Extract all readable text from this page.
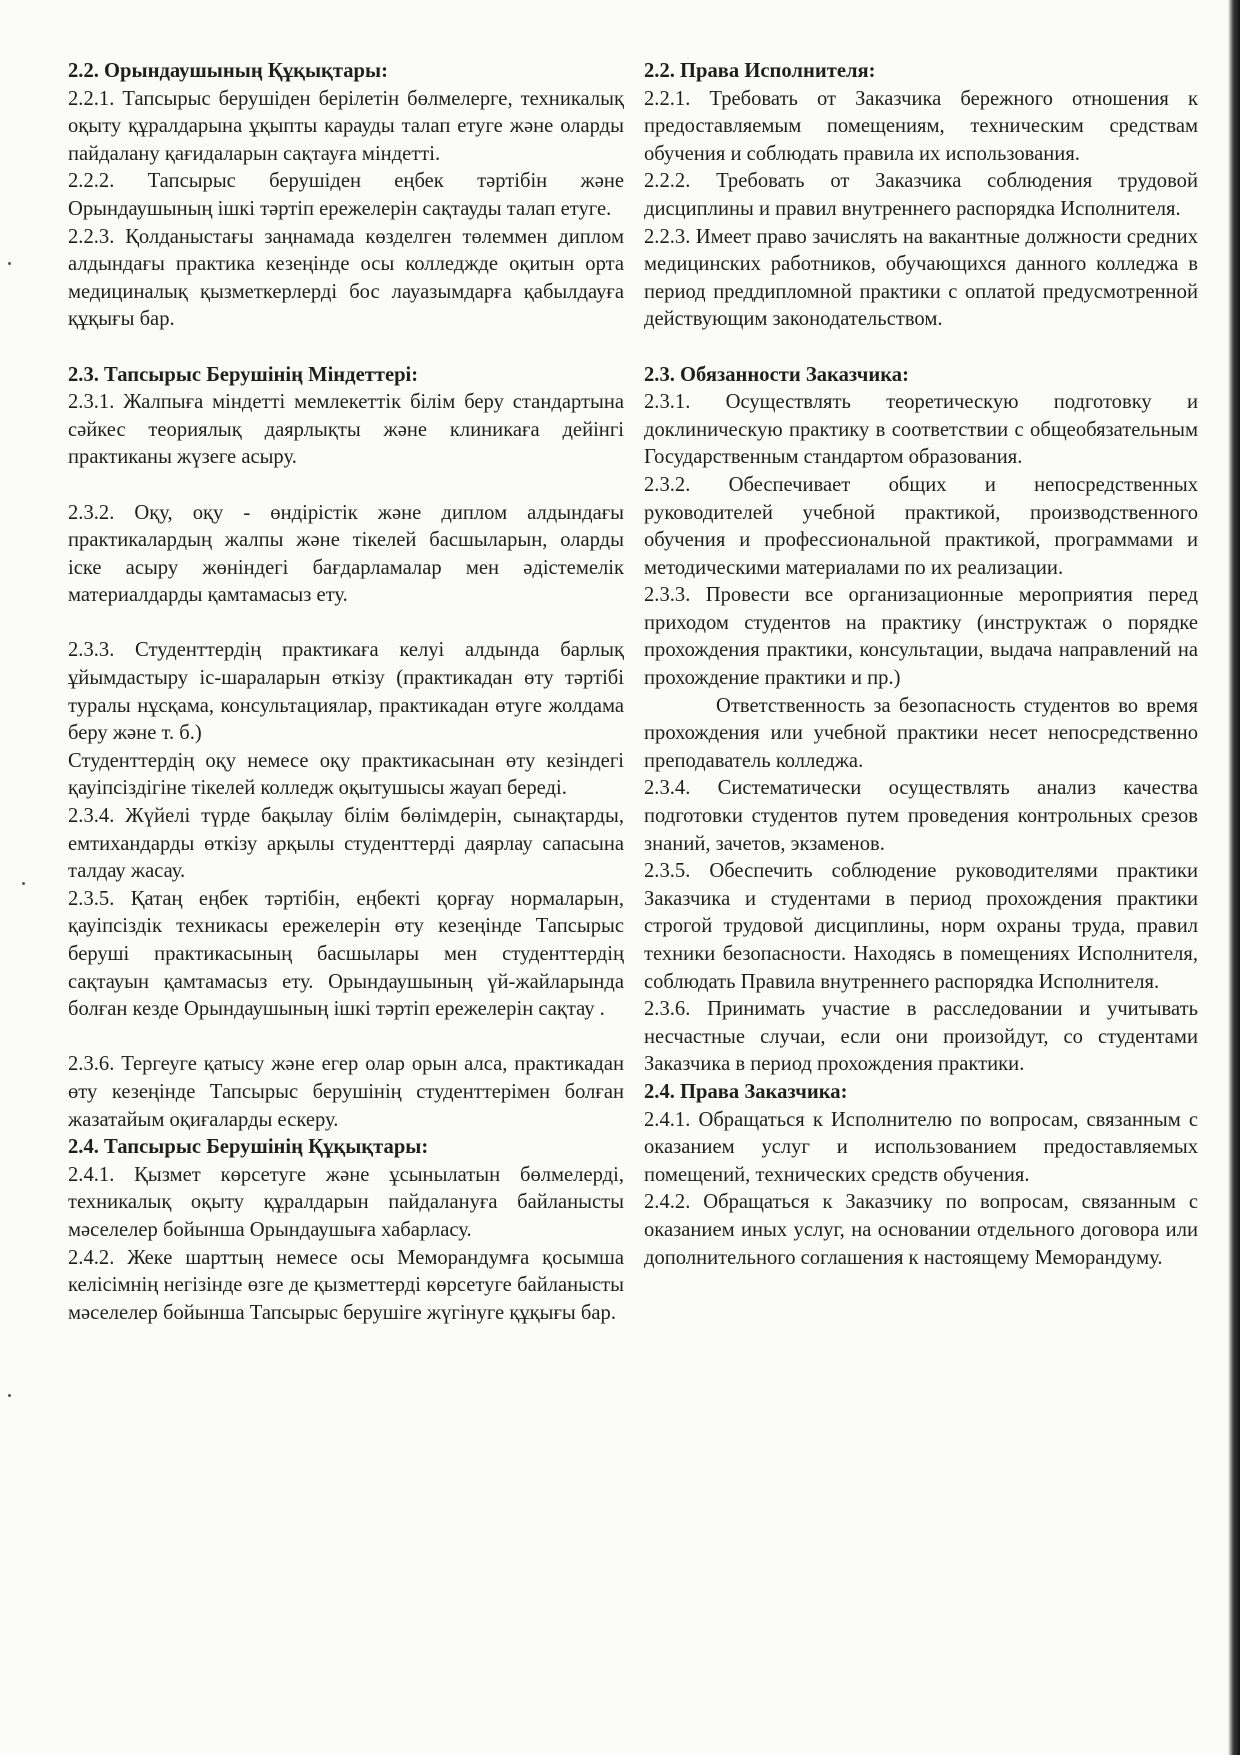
2.2. Орындаушының Құқықтары:
2.2.1. Тапсырыс берушіден берілетін бөлмелерге, техникалық оқыту құралдарына ұқыпты карауды талап етуге және оларды пайдалану қағидаларын сақтауға міндетті.
2.2.2. Тапсырыс берушіден еңбек тәртібін және Орындаушының ішкі тәртіп ережелерін сақтауды талап етуге.
2.2.3. Қолданыстағы заңнамада көзделген төлеммен диплом алдындағы практика кезеңінде осы колледжде оқитын орта медициналық қызметкерлерді бос лауазымдарға қабылдауға құқығы бар.
2.3. Тапсырыс Берушінің Міндеттері:
2.3.1. Жалпыға міндетті мемлекеттік білім беру стандартына сәйкес теориялық даярлықты және клиникаға дейінгі практиканы жүзеге асыру.
2.3.2. Оқу, оқу - өндірістік және диплом алдындағы практикалардың жалпы және тікелей басшыларын, оларды іске асыру жөніндегі бағдарламалар мен әдістемелік материалдарды қамтамасыз ету.
2.3.3. Студенттердің практикаға келуі алдында барлық ұйымдастыру іс-шараларын өткізу (практикадан өту тәртібі туралы нұсқама, консультациялар, практикадан өтуге жолдама беру және т. б.)
Студенттердің оқу немесе оқу практикасынан өту кезіндегі қауіпсіздігіне тікелей колледж оқытушысы жауап береді.
2.3.4. Жүйелі түрде бақылау білім бөлімдерін, сынақтарды, емтихандарды өткізу арқылы студенттерді даярлау сапасына талдау жасау.
2.3.5. Қатаң еңбек тәртібін, еңбекті қорғау нормаларын, қауіпсіздік техникасы ережелерін өту кезеңінде Тапсырыс беруші практикасының басшылары мен студенттердің сақтауын қамтамасыз ету. Орындаушының үй-жайларында болған кезде Орындаушының ішкі тәртіп ережелерін сақтау .
2.3.6. Тергеуге қатысу және егер олар орын алса, практикадан өту кезеңінде Тапсырыс берушінің студенттерімен болған жазатайым оқиғаларды ескеру.
2.4. Тапсырыс Берушінің Құқықтары:
2.4.1. Қызмет көрсетуге және ұсынылатын бөлмелерді, техникалық оқыту құралдарын пайдалануға байланысты мәселелер бойынша Орындаушыға хабарласу.
2.4.2. Жеке шарттың немесе осы Меморандумға қосымша келісімнің негізінде өзге де қызметтерді көрсетуге байланысты мәселелер бойынша Тапсырыс берушіге жүгінуге құқығы бар.
2.2. Права Исполнителя:
2.2.1. Требовать от Заказчика бережного отношения к предоставляемым помещениям, техническим средствам обучения и соблюдать правила их использования.
2.2.2. Требовать от Заказчика соблюдения трудовой дисциплины и правил внутреннего распорядка Исполнителя.
2.2.3. Имеет право зачислять на вакантные должности средних медицинских работников, обучающихся данного колледжа в период преддипломной практики с оплатой предусмотренной действующим законодательством.
2.3. Обязанности Заказчика:
2.3.1. Осуществлять теоретическую подготовку и доклиническую практику в соответствии с общеобязательным Государственным стандартом образования.
2.3.2. Обеспечивает общих и непосредственных руководителей учебной практикой, производственного обучения и профессиональной практикой, программами и методическими материалами по их реализации.
2.3.3. Провести все организационные мероприятия перед приходом студентов на практику (инструктаж о порядке прохождения практики, консультации, выдача направлений на прохождение практики и пр.)
Ответственность за безопасность студентов во время прохождения или учебной практики несет непосредственно преподаватель колледжа.
2.3.4. Систематически осуществлять анализ качества подготовки студентов путем проведения контрольных срезов знаний, зачетов, экзаменов.
2.3.5. Обеспечить соблюдение руководителями практики Заказчика и студентами в период прохождения практики строгой трудовой дисциплины, норм охраны труда, правил техники безопасности. Находясь в помещениях Исполнителя, соблюдать Правила внутреннего распорядка Исполнителя.
2.3.6. Принимать участие в расследовании и учитывать несчастные случаи, если они произойдут, со студентами Заказчика в период прохождения практики.
2.4. Права Заказчика:
2.4.1. Обращаться к Исполнителю по вопросам, связанным с оказанием услуг и использованием предоставляемых помещений, технических средств обучения.
2.4.2. Обращаться к Заказчику по вопросам, связанным с оказанием иных услуг, на основании отдельного договора или дополнительного соглашения к настоящему Меморандуму.
